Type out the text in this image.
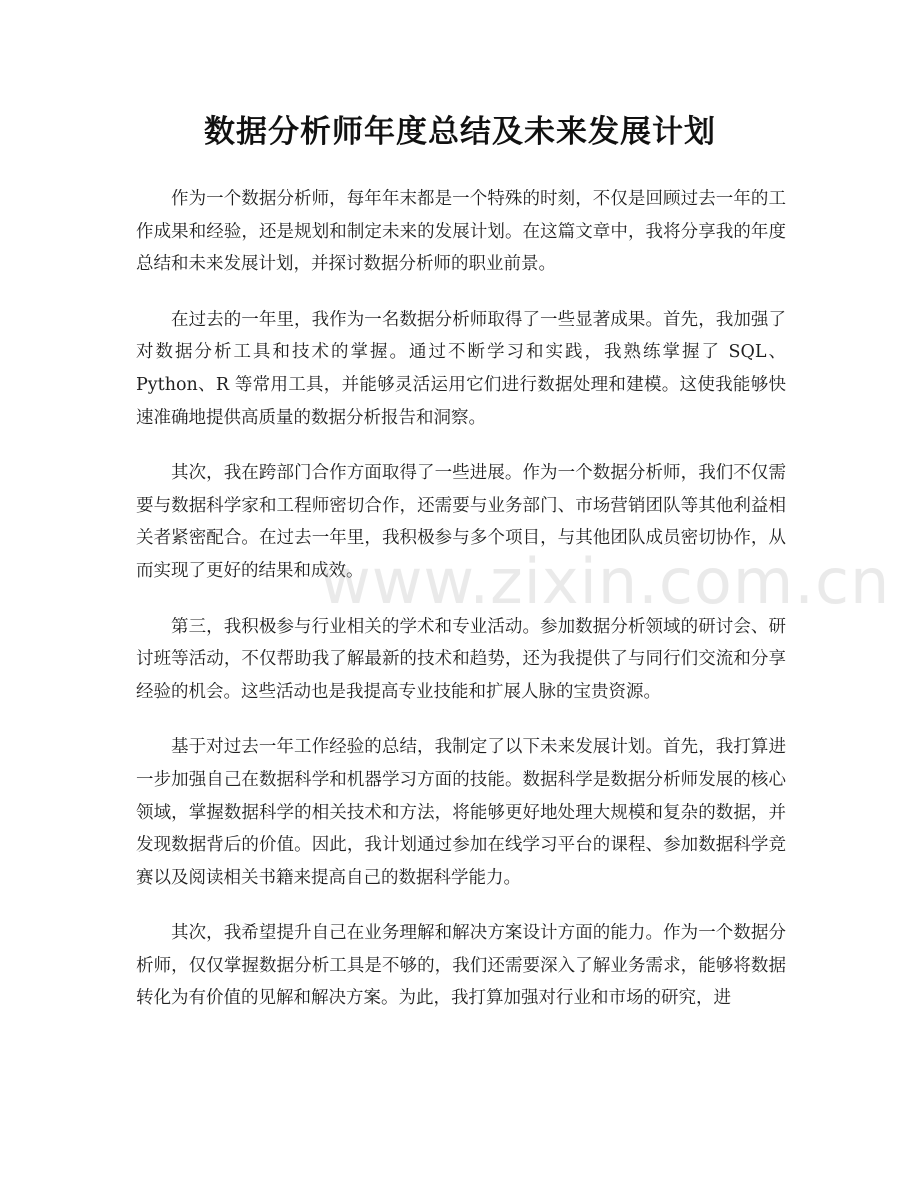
数据分析师年度总结及未来发展计划

作为一个数据分析师，每年年末都是一个特殊的时刻，不仅是回顾过去一年的工作成果和经验，还是规划和制定未来的发展计划。在这篇文章中，我将分享我的年度总结和未来发展计划，并探讨数据分析师的职业前景。

在过去的一年里，我作为一名数据分析师取得了一些显著成果。首先，我加强了对数据分析工具和技术的掌握。通过不断学习和实践，我熟练掌握了 SQL、Python、R 等常用工具，并能够灵活运用它们进行数据处理和建模。这使我能够快速准确地提供高质量的数据分析报告和洞察。

其次，我在跨部门合作方面取得了一些进展。作为一个数据分析师，我们不仅需要与数据科学家和工程师密切合作，还需要与业务部门、市场营销团队等其他利益相关者紧密配合。在过去一年里，我积极参与多个项目，与其他团队成员密切协作，从而实现了更好的结果和成效。

第三，我积极参与行业相关的学术和专业活动。参加数据分析领域的研讨会、研讨班等活动，不仅帮助我了解最新的技术和趋势，还为我提供了与同行们交流和分享经验的机会。这些活动也是我提高专业技能和扩展人脉的宝贵资源。

基于对过去一年工作经验的总结，我制定了以下未来发展计划。首先，我打算进一步加强自己在数据科学和机器学习方面的技能。数据科学是数据分析师发展的核心领域，掌握数据科学的相关技术和方法，将能够更好地处理大规模和复杂的数据，并发现数据背后的价值。因此，我计划通过参加在线学习平台的课程、参加数据科学竞赛以及阅读相关书籍来提高自己的数据科学能力。

其次，我希望提升自己在业务理解和解决方案设计方面的能力。作为一个数据分析师，仅仅掌握数据分析工具是不够的，我们还需要深入了解业务需求，能够将数据转化为有价值的见解和解决方案。为此，我打算加强对行业和市场的研究，进

www.zixin.com.cn
